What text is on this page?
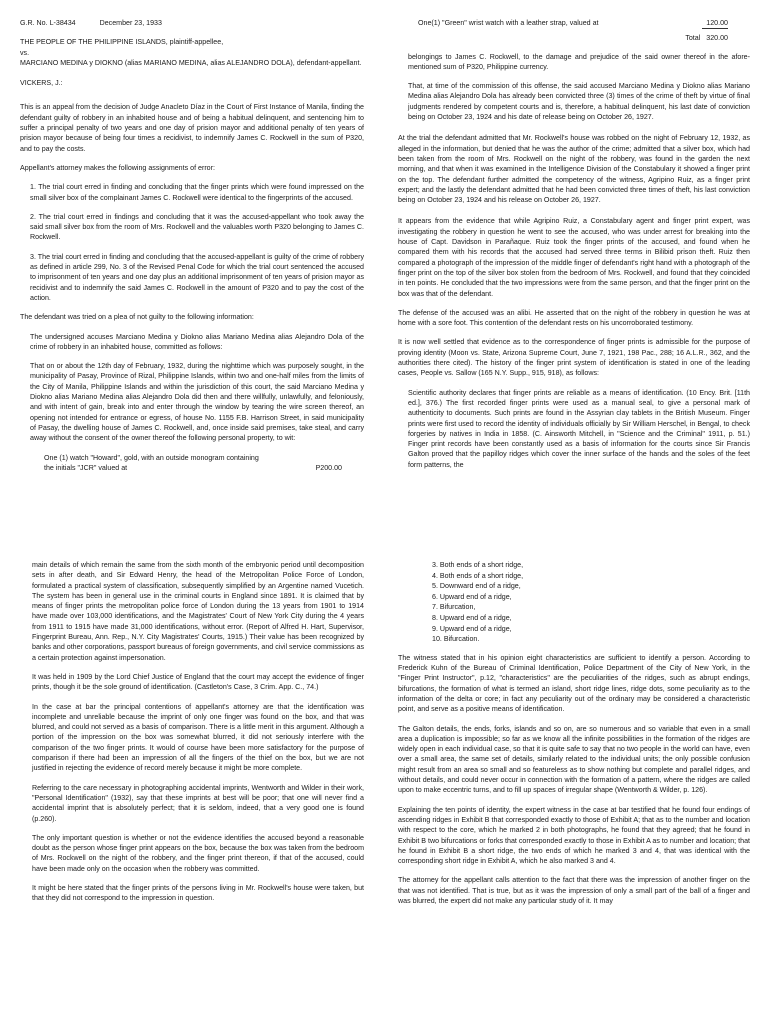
G.R. No. L-38434	December 23, 1933
THE PEOPLE OF THE PHILIPPINE ISLANDS, plaintiff-appellee,
vs.
MARCIANO MEDINA y DIOKNO (alias MARIANO MEDINA, alias ALEJANDRO DOLA), defendant-appellant.

VICKERS, J.:

This is an appeal from the decision of Judge Anacleto Díaz in the Court of First Instance of Manila, finding the defendant guilty of robbery in an inhabited house and of being a habitual delinquent, and sentencing him to suffer a principal penalty of two years and one day of prision mayor and additional penalty of ten years of prision mayor because of being four times a recidivist, to indemnify James C. Rockwell in the sum of P320, and to pay the costs.

Appellant's attorney makes the following assignments of error:

1. The trial court erred in finding and concluding that the finger prints which were found impressed on the small silver box of the complainant James C. Rockwell were identical to the fingerprints of the accused.

2. The trial court erred in findings and concluding that it was the accused-appellant who took away the said small silver box from the room of Mrs. Rockwell and the valuables worth P320 belonging to James C. Rockwell.

3. The trial court erred in finding and concluding that the accused-appellant is guilty of the crime of robbery as defined in article 299, No. 3 of the Revised Penal Code for which the trial court sentenced the accused to imprisonment of ten years and one day plus an additional imprisonment of ten years of prision mayor as recidivist and to indemnify the said James C. Rockwell in the amount of P320 and to pay the cost of the action.

The defendant was tried on a plea of not guilty to the following information:

The undersigned accuses Marciano Medina y Diokno alias Mariano Medina alias Alejandro Dola of the crime of robbery in an inhabited house, committed as follows:

That on or about the 12th day of February, 1932, during the nighttime which was purposely sought, in the municipality of Pasay, Province of Rizal, Philippine Islands, within two and one-half miles from the limits of the City of Manila, Philippine Islands and within the jurisdiction of this court, the said Marciano Medina y Diokno alias Mariano Medina alias Alejandro Dola did then and there willfully, unlawfully, and feloniously, and with intent of gain, break into and enter through the window by tearing the wire screen thereof, an opening not intended for entrance or egress, of house No. 1155 F.B. Harrison Street, in said municipality of Pasay, the dwelling house of James C. Rockwell, and, once inside said premises, take steal, and carry away without the consent of the owner thereof the following personal property, to wit:

One (1) watch "Howard", gold, with an outside monogram containing
the initials "JCR" valued at	P200.00
One(1) "Green" wrist watch with a leather strap, valued at	120.00
Total 320.00

belongings to James C. Rockwell, to the damage and prejudice of the said owner thereof in the afore-mentioned sum of P320, Philippine currency.

That, at time of the commission of this offense, the said accused Marciano Medina y Diokno alias Mariano Medina alias Alejandro Dola has already been convicted three (3) times of the crime of theft by virtue of final judgments rendered by competent courts and is, therefore, a habitual delinquent, his last date of conviction being on October 23, 1924 and his date of release being on October 26, 1927.

At the trial the defendant admitted that Mr. Rockwell's house was robbed on the night of February 12, 1932, as alleged in the information, but denied that he was the author of the crime; admitted that a silver box, which had been taken from the room of Mrs. Rockwell on the night of the robbery, was found in the garden the next morning, and that when it was examined in the Intelligence Division of the Constabulary it showed a finger print on the top. The defendant further admitted the competency of the witness, Agripino Ruiz, as a finger print expert; and the lastly the defendant admitted that he had been convicted three times of theft, his last conviction being on October 23, 1924 and his release on October 26, 1927.

It appears from the evidence that while Agripino Ruiz, a Constabulary agent and finger print expert, was investigating the robbery in question he went to see the accused, who was under arrest for breaking into the house of Capt. Davidson in Parañaque. Ruiz took the finger prints of the accused, and found when he compared them with his records that the accused had served three terms in Bilibid prison theft. Ruiz then compared a photograph of the impression of the middle finger of defendant's right hand with a photograph of the finger print on the top of the silver box stolen from the bedroom of Mrs. Rockwell, and found that they coincided in ten points. He concluded that the two impressions were from the same person, and that the finger print on the box was that of the defendant.

The defense of the accused was an alibi. He asserted that on the night of the robbery in question he was at home with a sore foot. This contention of the defendant rests on his uncorroborated testimony.

It is now well settled that evidence as to the correspondence of finger prints is admissible for the purpose of proving identity (Moon vs. State, Arizona Supreme Court, June 7, 1921, 198 Pac., 288; 16 A.L.R., 362, and the authorities there cited). The history of the finger print system of identification is stated in one of the leading cases, People vs. Sallow (165 N.Y. Supp., 915, 918), as follows:

Scientific authority declares that finger prints are reliable as a means of identification. (10 Ency. Brit. [11th ed.], 376.) The first recorded finger prints were used as a manual seal, to give a personal mark of authenticity to documents. Such prints are found in the Assyrian clay tablets in the British Museum. Finger prints were first used to record the identity of individuals officially by Sir William Herschel, in Bengal, to check forgeries by natives in India in 1858. (C. Ainsworth Mitchell, in "Science and the Criminal" 1911, p. 51.) Finger print records have been constantly used as a basis of information for the courts since Sir Francis Galton proved that the papilloy ridges which cover the inner surface of the hands and the soles of the feet form patterns, the

main details of which remain the same from the sixth month of the embryonic period until decomposition sets in after death, and Sir Edward Henry, the head of the Metropolitan Police Force of London, formulated a practical system of classification, subsequently simplified by an Argentine named Vucetich. The system has been in general use in the criminal courts in England since 1891. It is claimed that by means of finger prints the metropolitan police force of London during the 13 years from 1901 to 1914 have made over 103,000 identifications, and the Magistrates' Court of New York City during the 4 years from 1911 to 1915 have made 31,000 identifications, without error. (Report of Alfred H. Hart, Supervisor, Fingerprint Bureau, Ann. Rep., N.Y. City Magistrates' Courts, 1915.) Their value has been recognized by banks and other corporations, passport bureaus of foreign governments, and civil service commissions as a certain protection against impersonation.

It was held in 1909 by the Lord Chief Justice of England that the court may accept the evidence of finger prints, though it be the sole ground of identification. (Castleton's Case, 3 Crim. App. C., 74.)

In the case at bar the principal contentions of appellant's attorney are that the identification was incomplete and unreliable because the imprint of only one finger was found on the box, and that was blurred, and could not served as a basis of comparison. There is a little merit in this argument. Although a portion of the impression on the box was somewhat blurred, it did not seriously interfere with the comparison of the two finger prints. It would of course have been more satisfactory for the purpose of comparison if there had been an impression of all the fingers of the thief on the box, but we are not justified in rejecting the evidence of record merely because it might be more complete.

Referring to the care necessary in photographing accidental imprints, Wentworth and Wilder in their work, "Personal Identification" (1932), say that these imprints at best will be poor; that one will never find a accidental imprint that is absolutely perfect; that it is seldom, indeed, that a very good one is found (p.260).

The only important question is whether or not the evidence identifies the accused beyond a reasonable doubt as the person whose finger print appears on the box, because the box was taken from the bedroom of Mrs. Rockwell on the night of the robbery, and the finger print thereon, if that of the accused, could have been made only on the occasion when the robbery was committed.

It might be here stated that the finger prints of the persons living in Mr. Rockwell's house were taken, but that they did not correspond to the impression in question.

3. Both ends of a short ridge,
4. Both ends of a short ridge,
5. Downward end of a ridge,
6. Upward end of a ridge,
7. Bifurcation,
8. Upward end of a ridge,
9. Upward end of a ridge,
10. Bifurcation.

The witness stated that in his opinion eight characteristics are sufficient to identify a person. According to Frederick Kuhn of the Bureau of Criminal Identification, Police Department of the City of New York, in the "Finger Print Instructor", p.12, "characteristics" are the peculiarities of the ridges, such as abrupt endings, bifurcations, the formation of what is termed an island, short ridge lines, ridge dots, some peculiarity as to the information of the delta or core; in fact any peculiarity out of the ordinary may be considered a characteristic point, and serve as a positive means of identification.

The Galton details, the ends, forks, islands and so on, are so numerous and so variable that even in a small area a duplication is impossible; so far as we know all the infinite possibilities in the formation of the ridges are widely open in each individual case, so that it is quite safe to say that no two people in the world can have, even over a small area, the same set of details, similarly related to the individual units; the only possible confusion might result from an area so small and so featureless as to show nothing but complete and parallel ridges, and without details, and could never occur in connection with the formation of a pattern, where the ridges are called upon to make eccentric turns, and to fill up spaces of irregular shape (Wentworth & Wilder, p. 126).

Explaining the ten points of identity, the expert witness in the case at bar testified that he found four endings of ascending ridges in Exhibit B that corresponded exactly to those of Exhibit A; that as to the number and location with respect to the core, which he marked 2 in both photographs, he found that they agreed; that he found in Exhibit B two bifurcations or forks that corresponded exactly to those in Exhibit A as to number and location; that he found in Exhibit B a short ridge, the two ends of which he marked 3 and 4, that was identical with the corresponding short ridge in Exhibit A, which he also marked 3 and 4.

The attorney for the appellant calls attention to the fact that there was the impression of another finger on the that was not identified. That is true, but as it was the impression of only a small part of the ball of a finger and was blurred, the expert did not make any particular study of it. It may
